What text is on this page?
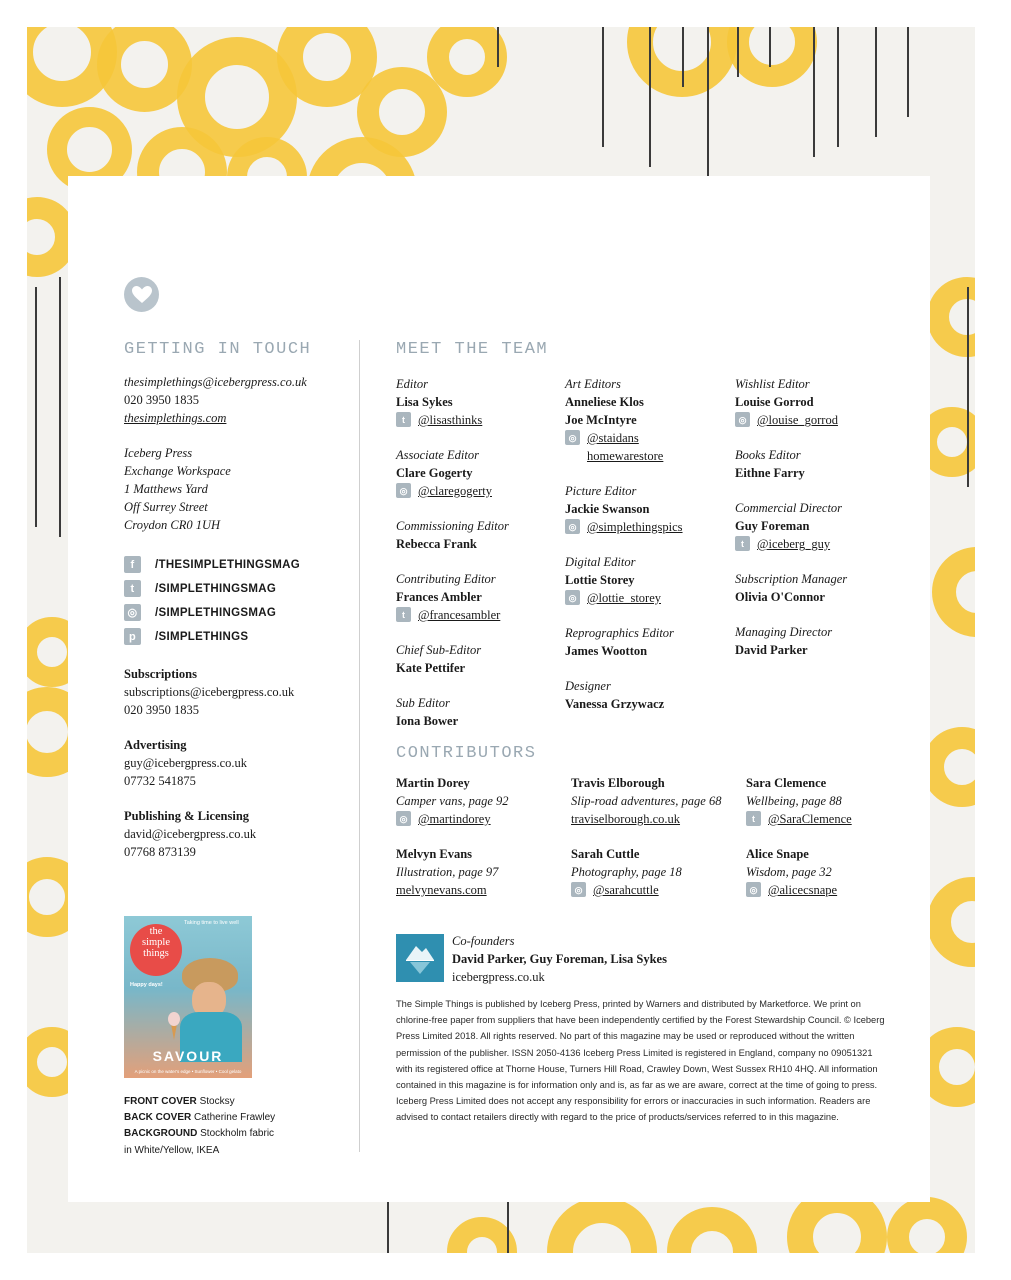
GETTING IN TOUCH
thesimplethings@icebergpress.co.uk
020 3950 1835
thesimplethings.com
Iceberg Press
Exchange Workspace
1 Matthews Yard
Off Surrey Street
Croydon CR0 1UH
f	/THESIMPLETHINGSMAG
t	/SIMPLETHINGSMAG
◎	/SIMPLETHINGSMAG
p	/SIMPLETHINGS
Subscriptions
subscriptions@icebergpress.co.uk
020 3950 1835
Advertising
guy@icebergpress.co.uk
07732 541875
Publishing & Licensing
david@icebergpress.co.uk
07768 873139
the
simple
things
Taking time to live well
Happy days!
SAVOUR
A picnic on the water's edge • Sunflower • Cool gelato
FRONT COVER Stocksy
BACK COVER Catherine Frawley
BACKGROUND Stockholm fabric
in White/Yellow, IKEA
MEET THE TEAM
CONTRIBUTORS
Co-founders
David Parker, Guy Foreman, Lisa Sykes
icebergpress.co.uk

The Simple Things is published by Iceberg Press, printed by Warners and distributed by Marketforce. We print on chlorine-free paper from suppliers that have been independently certified by the Forest Stewardship Council. © Iceberg Press Limited 2018. All rights reserved. No part of this magazine may be used or reproduced without the written permission of the publisher. ISSN 2050-4136 Iceberg Press Limited is registered in England, company no 09051321 with its registered office at Thorne House, Turners Hill Road, Crawley Down, West Sussex RH10 4HQ. All information contained in this magazine is for information only and is, as far as we are aware, correct at the time of going to press. Iceberg Press Limited does not accept any responsibility for errors or inaccuracies in such information. Readers are advised to contact retailers directly with regard to the price of products/services referred to in this magazine.

Editor
Lisa Sykes
t	@lisasthinks
Associate Editor
Clare Gogerty
◎ @claregogerty
Commissioning Editor
Rebecca Frank
Contributing Editor
Frances Ambler
t	@francesambler
Chief Sub-Editor
Kate Pettifer
Sub Editor
Iona Bower
Art Editors
Anneliese Klos
Joe McIntyre
◎ @staidans
homewarestore
Picture Editor
Jackie Swanson
◎ @simplethingspics
Digital Editor
Lottie Storey
◎ @lottie_storey
Reprographics Editor
James Wootton
Designer
Vanessa Grzywacz
Wishlist Editor
Louise Gorrod
◎ @louise_gorrod
Books Editor
Eithne Farry
Commercial Director
Guy Foreman
t	@iceberg_guy
Subscription Manager
Olivia O'Connor
Managing Director
David Parker
Martin Dorey
Camper vans, page 92
◎ @martindorey
Travis Elborough
Slip-road adventures, page 68
traviselborough.co.uk
Sara Clemence
Wellbeing, page 88
t	@SaraClemence
Melvyn Evans
Illustration, page 97
melvynevans.com
Sarah Cuttle
Photography, page 18
◎ @sarahcuttle
Alice Snape
Wisdom, page 32
◎ @alicecsnape
